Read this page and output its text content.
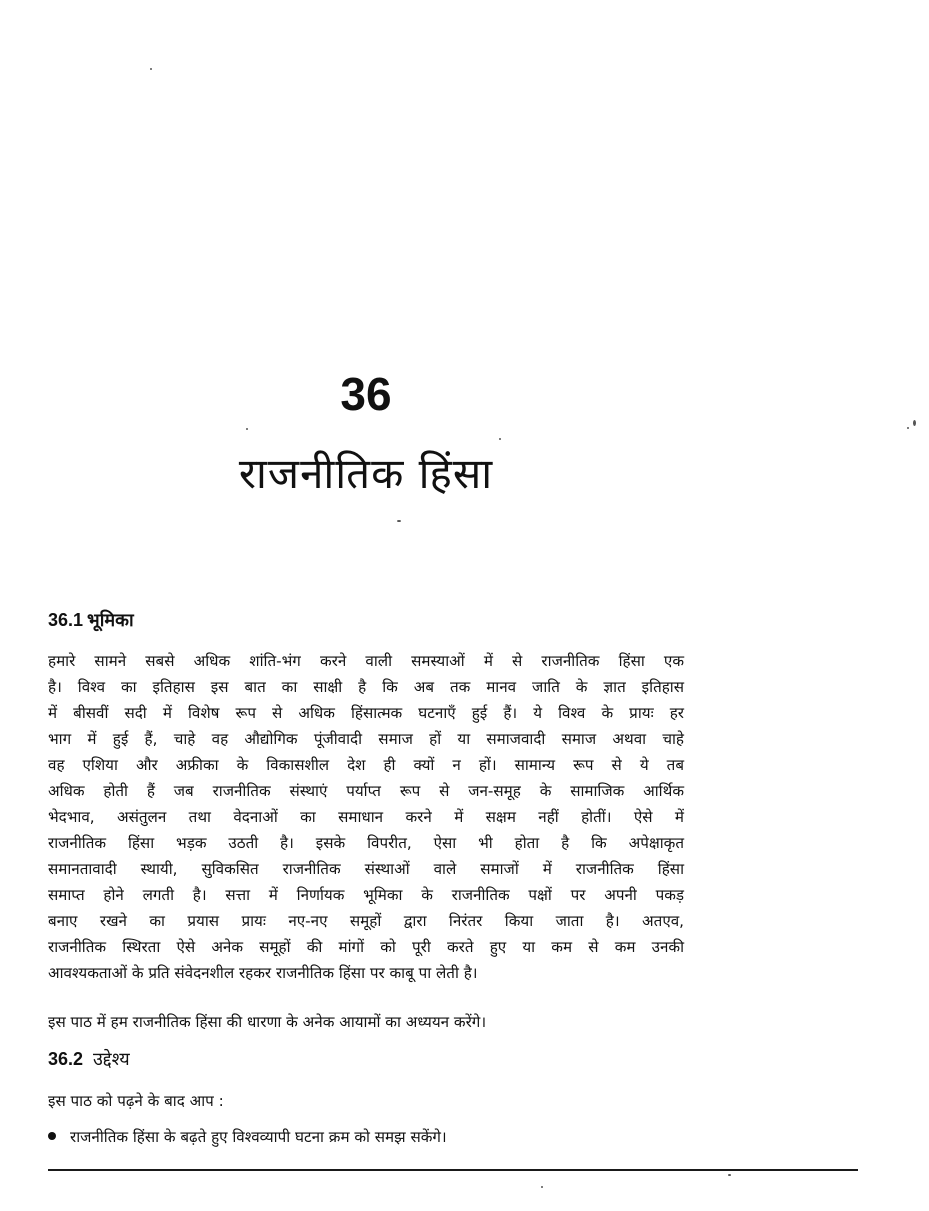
36
राजनीतिक हिंसा
36.1 भूमिका
हमारे सामने सबसे अधिक शांति-भंग करने वाली समस्याओं में से राजनीतिक हिंसा एक
है। विश्व का इतिहास इस बात का साक्षी है कि अब तक मानव जाति के ज्ञात इतिहास
में बीसवीं सदी में विशेष रूप से अधिक हिंसात्मक घटनाएँ हुई हैं। ये विश्व के प्रायः हर
भाग में हुई हैं, चाहे वह औद्योगिक पूंजीवादी समाज हों या समाजवादी समाज अथवा चाहे
वह एशिया और अफ्रीका के विकासशील देश ही क्यों न हों। सामान्य रूप से ये तब
अधिक होती हैं जब राजनीतिक संस्थाएं पर्याप्त रूप से जन-समूह के सामाजिक आर्थिक
भेदभाव, असंतुलन तथा वेदनाओं का समाधान करने में सक्षम नहीं होतीं। ऐसे में
राजनीतिक हिंसा भड़क उठती है। इसके विपरीत, ऐसा भी होता है कि अपेक्षाकृत
समानतावादी स्थायी, सुविकसित राजनीतिक संस्थाओं वाले समाजों में राजनीतिक हिंसा
समाप्त होने लगती है। सत्ता में निर्णायक भूमिका के राजनीतिक पक्षों पर अपनी पकड़
बनाए रखने का प्रयास प्रायः नए-नए समूहों द्वारा निरंतर किया जाता है। अतएव,
राजनीतिक स्थिरता ऐसे अनेक समूहों की मांगों को पूरी करते हुए या कम से कम उनकी
आवश्यकताओं के प्रति संवेदनशील रहकर राजनीतिक हिंसा पर काबू पा लेती है।
इस पाठ में हम राजनीतिक हिंसा की धारणा के अनेक आयामों का अध्ययन करेंगे।
36.2 उद्देश्य
इस पाठ को पढ़ने के बाद आप :
राजनीतिक हिंसा के बढ़ते हुए विश्वव्यापी घटना क्रम को समझ सकेंगे।
